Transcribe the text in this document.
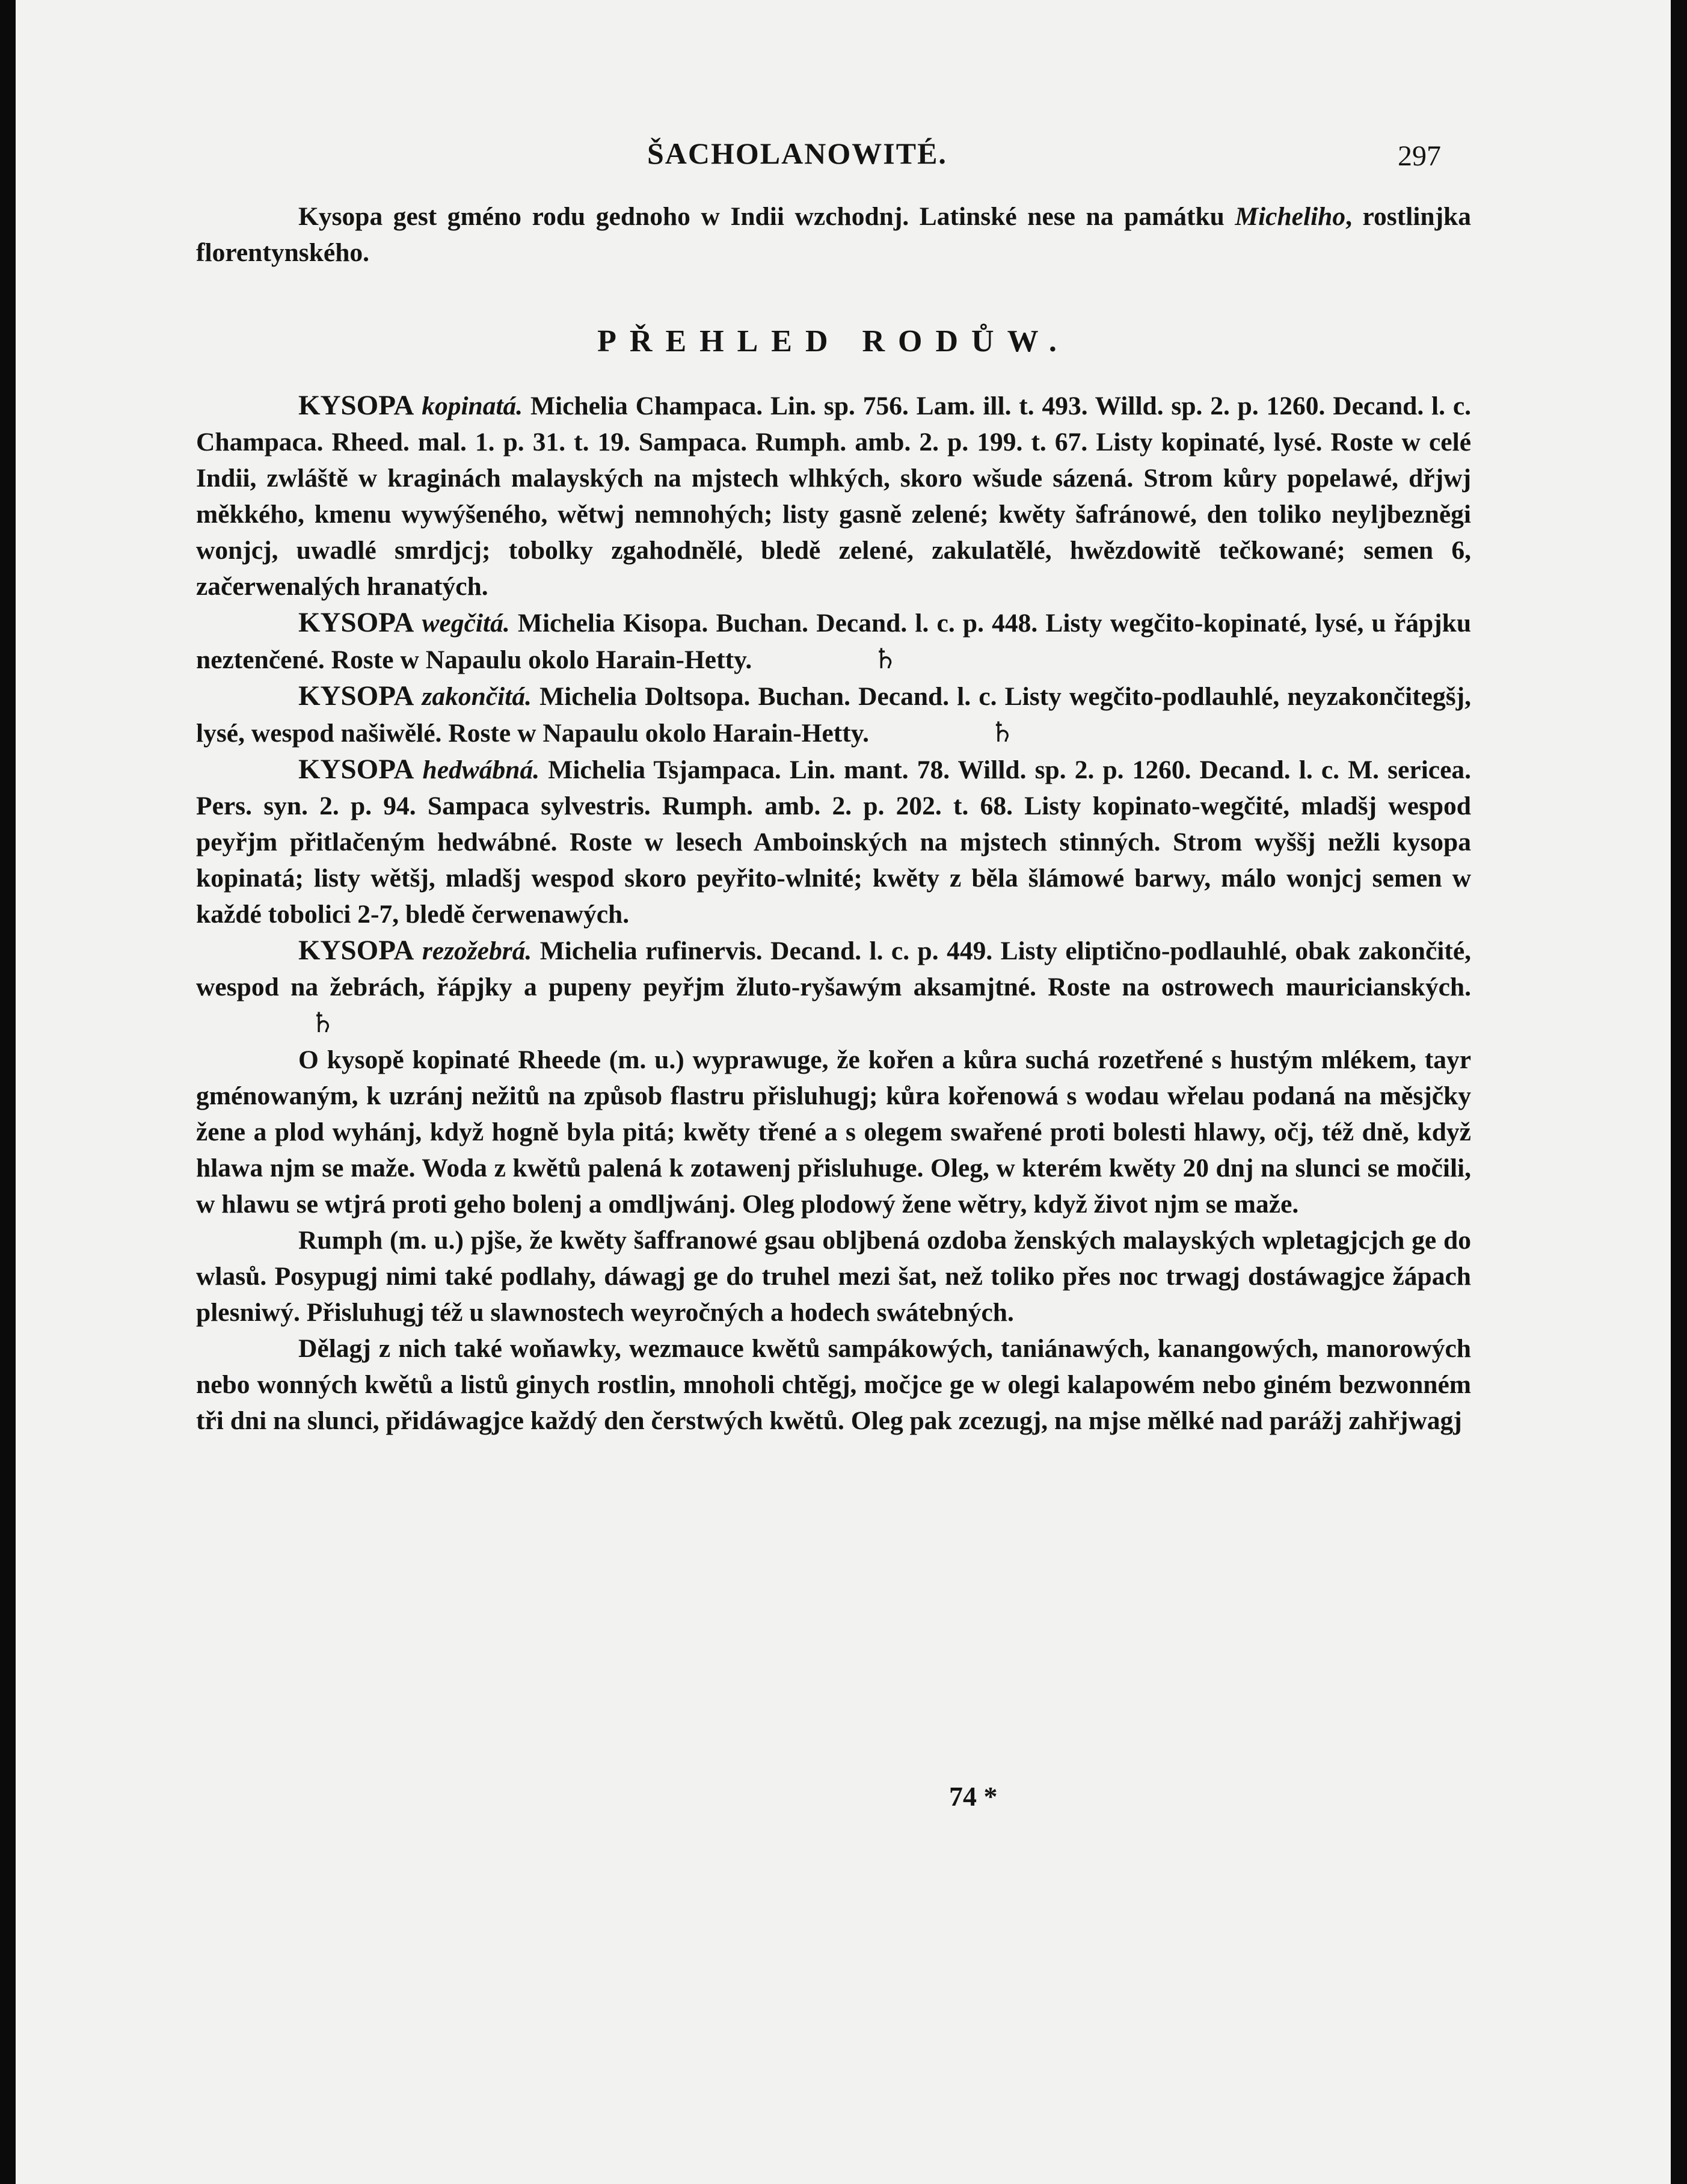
ŠACHOLANOWITÉ.	297

Kysopa gest gméno rodu gednoho w Indii wzchodnj. Latinské nese na památku Micheliho, rostlinjka florentynského.

PŘEHLED RODŮW.

KYSOPA kopinatá. Michelia Champaca. Lin. sp. 756. Lam. ill. t. 493. Willd. sp. 2. p. 1260. Decand. l. c. Champaca. Rheed. mal. 1. p. 31. t. 19. Sampaca. Rumph. amb. 2. p. 199. t. 67. Listy kopinaté, lysé. Roste w celé Indii, zwláště w kraginách malayských na mjstech wlhkých, skoro wšude sázená. Strom kůry popelawé, dřjwj měkkého, kmenu wywýšeného, wětwj nemnohých; listy gasně zelené; kwěty šafránowé, den toliko neyljbezněgi wonjcj, uwadlé smrdjcj; tobolky zgahodnělé, bledě zelené, zakulatělé, hwězdowitě tečkowané; semen 6, začerwenalých hranatých.

KYSOPA wegčitá. Michelia Kisopa. Buchan. Decand. l. c. p. 448. Listy wegčito-kopinaté, lysé, u řápjku neztenčené. Roste w Napaulu okolo Harain-Hetty.	♄

KYSOPA zakončitá. Michelia Doltsopa. Buchan. Decand. l. c. Listy wegčito-podlauhlé, neyzakončitegšj, lysé, wespod našiwělé. Roste w Napaulu okolo Harain-Hetty.	♄

KYSOPA hedwábná. Michelia Tsjampaca. Lin. mant. 78. Willd. sp. 2. p. 1260. Decand. l. c. M. sericea. Pers. syn. 2. p. 94. Sampaca sylvestris. Rumph. amb. 2. p. 202. t. 68. Listy kopinato-wegčité, mladšj wespod peyřjm přitlačeným hedwábné. Roste w lesech Amboinských na mjstech stinných. Strom wyššj nežli kysopa kopinatá; listy wětšj, mladšj wespod skoro peyřito-wlnité; kwěty z běla šlámowé barwy, málo wonjcj semen w každé tobolici 2-7, bledě čerwenawých.

KYSOPA rezožebrá. Michelia rufinervis. Decand. l. c. p. 449. Listy eliptično-podlauhlé, obak zakončité, wespod na žebrách, řápjky a pupeny peyřjm žluto-ryšawým aksamjtné. Roste na ostrowech mauricianských. ♄

O kysopě kopinaté Rheede (m. u.) wyprawuge, že kořen a kůra suchá rozetřené s hustým mlékem, tayr gménowaným, k uzránj nežitů na způsob flastru přisluhugj; kůra kořenowá s wodau wřelau podaná na měsjčky žene a plod wyhánj, když hogně byla pitá; kwěty třené a s olegem swařené proti bolesti hlawy, očj, též dně, když hlawa njm se maže. Woda z kwětů palená k zotawenj přisluhuge. Oleg, w kterém kwěty 20 dnj na slunci se močili, w hlawu se wtjrá proti geho bolenj a omdljwánj. Oleg plodowý žene wětry, když život njm se maže.

Rumph (m. u.) pjše, že kwěty šaffranowé gsau oblјbená ozdoba ženských malayských wpletagjcjch ge do wlasů. Posypugj nimi také podlahy, dáwagj ge do truhel mezi šat, než toliko přes noc trwagj dostáwagjce žápach plesniwý. Přisluhugj též u slawnostech weyročných a hodech swátebných.

Dělagj z nich také woňawky, wezmauce kwětů sampákowých, taniánawých, kanangowých, manorowých nebo wonných kwětů a listů ginych rostlin, mnoholi chtěgj, močjce ge w olegi kalapowém nebo giném bezwonném tři dni na slunci, přidáwagjce každý den čerstwých kwětů. Oleg pak zcezugj, na mjse mělké nad parážj zahřjwagj

74 *
